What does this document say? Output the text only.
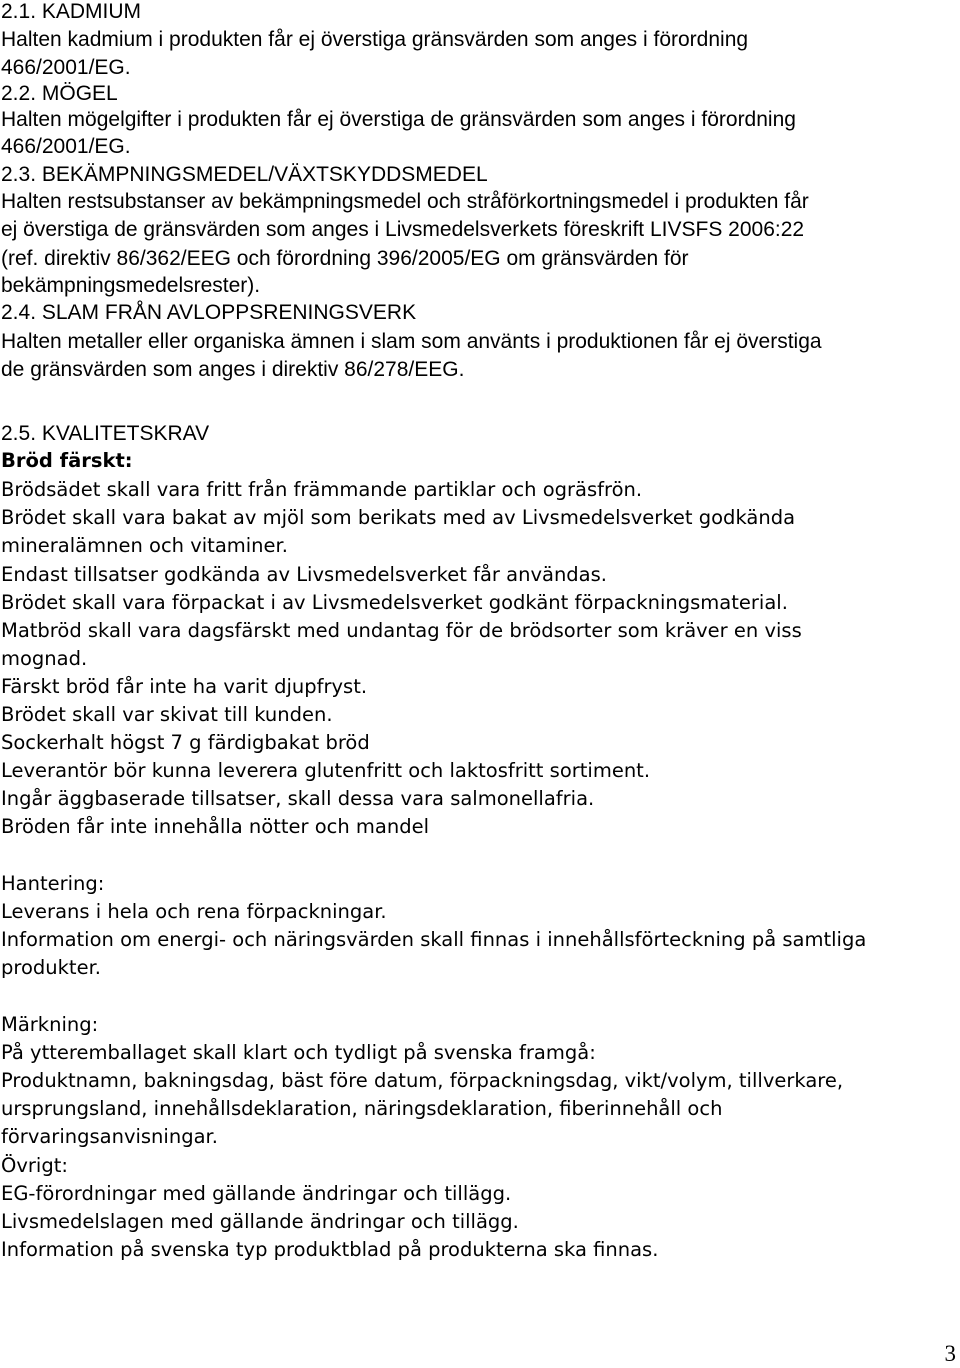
2.1. KADMIUM
Halten kadmium i produkten får ej överstiga gränsvärden som anges i förordning
466/2001/EG.
2.2. MÖGEL
Halten mögelgifter i produkten får ej överstiga de gränsvärden som anges i förordning
466/2001/EG.
2.3. BEKÄMPNINGSMEDEL/VÄXTSKYDDSMEDEL
Halten restsubstanser av bekämpningsmedel och stråförkortningsmedel i produkten får
ej överstiga de gränsvärden som anges i Livsmedelsverkets föreskrift LIVSFS 2006:22
(ref. direktiv 86/362/EEG och förordning 396/2005/EG om gränsvärden för
bekämpningsmedelsrester).
2.4. SLAM FRÅN AVLOPPSRENINGSVERK
Halten metaller eller organiska ämnen i slam som använts i produktionen får ej överstiga
de gränsvärden som anges i direktiv 86/278/EEG.
2.5. KVALITETSKRAV
Bröd färskt:
Brödsädet skall vara fritt från främmande partiklar och ogräsfrön.
Brödet skall vara bakat av mjöl som berikats med av Livsmedelsverket godkända
mineralämnen och vitaminer.
Endast tillsatser godkända av Livsmedelsverket får användas.
Brödet skall vara förpackat i av Livsmedelsverket godkänt förpackningsmaterial.
Matbröd skall vara dagsfärskt med undantag för de brödsorter som kräver en viss
mognad.
Färskt bröd får inte ha varit djupfryst.
Brödet skall var skivat till kunden.
Sockerhalt högst 7 g färdigbakat bröd
Leverantör bör kunna leverera glutenfritt och laktosfritt sortiment.
Ingår äggbaserade tillsatser, skall dessa vara salmonellafria.
Bröden får inte innehålla nötter och mandel
Hantering:
Leverans i hela och rena förpackningar.
Information om energi- och näringsvärden skall finnas i innehållsförteckning på samtliga
produkter.
Märkning:
På ytteremballaget skall klart och tydligt på svenska framgå:
Produktnamn, bakningsdag, bäst före datum, förpackningsdag, vikt/volym, tillverkare,
ursprungsland, innehållsdeklaration, näringsdeklaration, fiberinnehåll och
förvaringsanvisningar.
Övrigt:
EG-förordningar med gällande ändringar och tillägg.
Livsmedelslagen med gällande ändringar och tillägg.
Information på svenska typ produktblad på produkterna ska finnas.
3
